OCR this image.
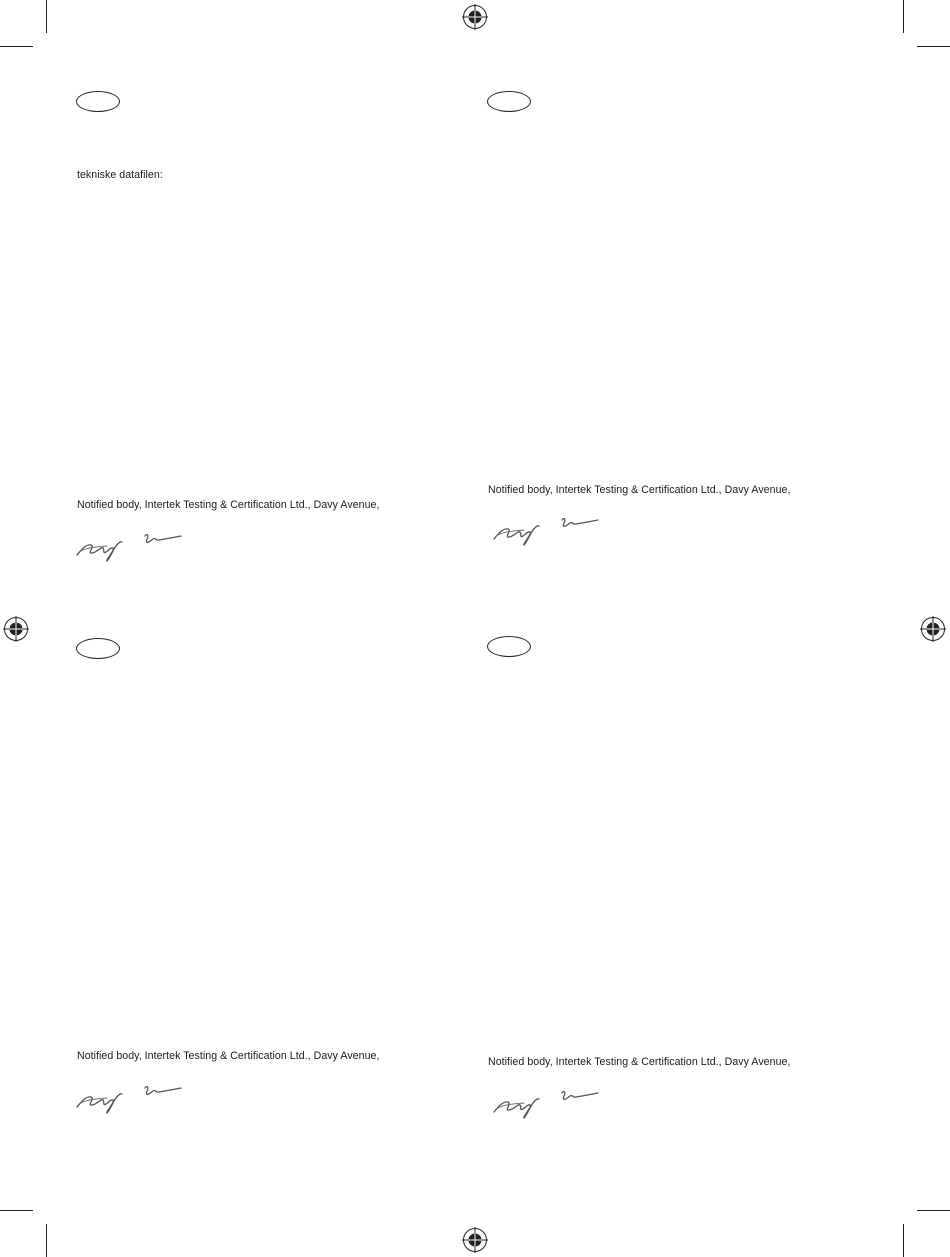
tekniske datafilen:
Notified body, Intertek Testing & Certification Ltd., Davy Avenue,
Notified body, Intertek Testing & Certification Ltd., Davy Avenue,
Notified body, Intertek Testing & Certification Ltd., Davy Avenue,	Notified body, Intertek Testing & Certification Ltd., Davy Avenue,
